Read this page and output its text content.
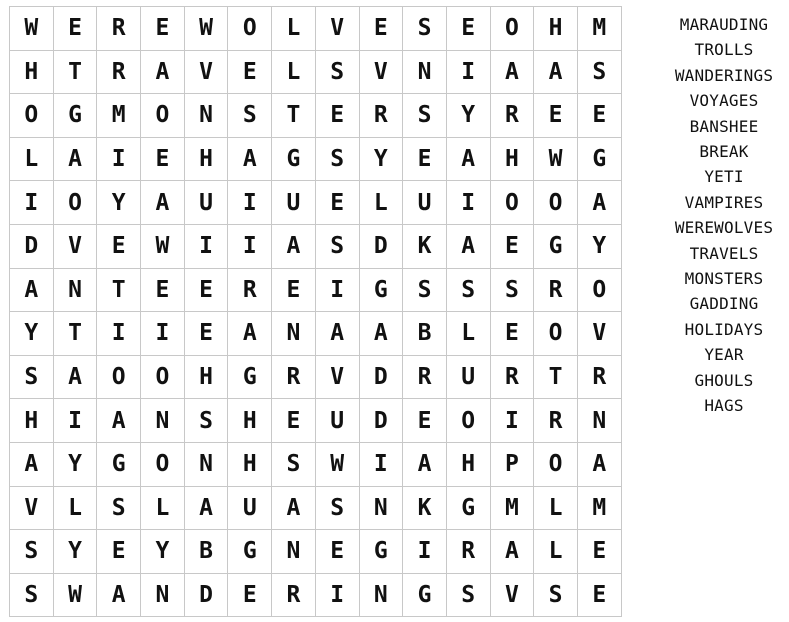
W	E	R	E	W	O	L	V	E	S	E	O	H	M
H	T	R	A	V	E	L	S	V	N	I	A	A	S
O	G	M	O	N	S	T	E	R	S	Y	R	E	E
L	A	I	E	H	A	G	S	Y	E	A	H	W	G
I	O	Y	A	U	I	U	E	L	U	I	O	O	A
D	V	E	W	I	I	A	S	D	K	A	E	G	Y
A	N	T	E	E	R	E	I	G	S	S	S	R	O
Y	T	I	I	E	A	N	A	A	B	L	E	O	V
S	A	O	O	H	G	R	V	D	R	U	R	T	R
H	I	A	N	S	H	E	U	D	E	O	I	R	N
A	Y	G	O	N	H	S	W	I	A	H	P	O	A
V	L	S	L	A	U	A	S	N	K	G	M	L	M
S	Y	E	Y	B	G	N	E	G	I	R	A	L	E
S	W	A	N	D	E	R	I	N	G	S	V	S	E
MARAUDING
TROLLS
WANDERINGS
VOYAGES
BANSHEE
BREAK
YETI
VAMPIRES
WEREWOLVES
TRAVELS
MONSTERS
GADDING
HOLIDAYS
YEAR
GHOULS
HAGS
